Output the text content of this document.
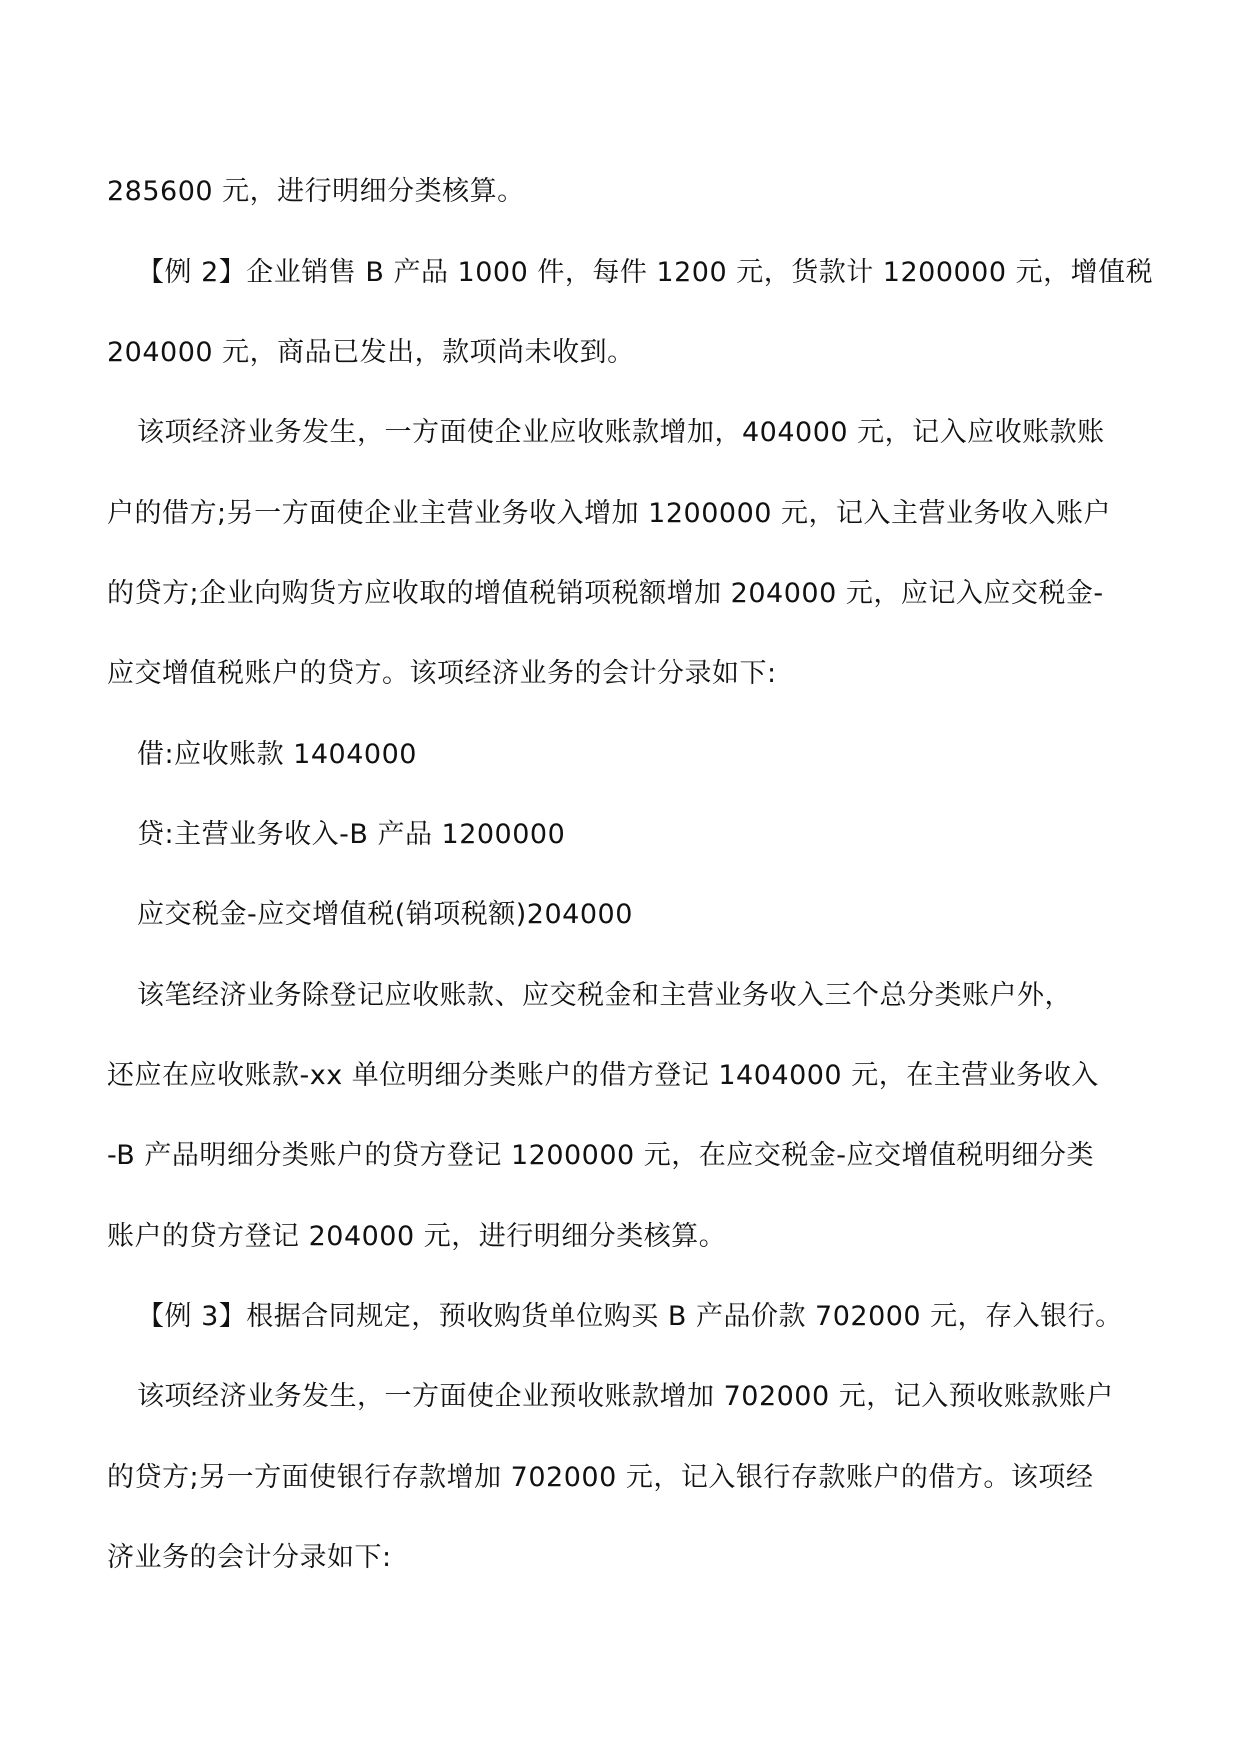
285600 元，进行明细分类核算。
【例 2】企业销售 B 产品 1000 件，每件 1200 元，货款计 1200000 元，增值税
204000 元，商品已发出，款项尚未收到。
该项经济业务发生，一方面使企业应收账款增加，404000 元，记入应收账款账
户的借方;另一方面使企业主营业务收入增加 1200000 元，记入主营业务收入账户
的贷方;企业向购货方应收取的增值税销项税额增加 204000 元，应记入应交税金-
应交增值税账户的贷方。该项经济业务的会计分录如下:
借:应收账款 1404000
贷:主营业务收入-B 产品 1200000
应交税金-应交增值税(销项税额)204000
该笔经济业务除登记应收账款、应交税金和主营业务收入三个总分类账户外，
还应在应收账款-xx 单位明细分类账户的借方登记 1404000 元，在主营业务收入
-B 产品明细分类账户的贷方登记 1200000 元，在应交税金-应交增值税明细分类
账户的贷方登记 204000 元，进行明细分类核算。
【例 3】根据合同规定，预收购货单位购买 B 产品价款 702000 元，存入银行。
该项经济业务发生，一方面使企业预收账款增加 702000 元，记入预收账款账户
的贷方;另一方面使银行存款增加 702000 元，记入银行存款账户的借方。该项经
济业务的会计分录如下:
